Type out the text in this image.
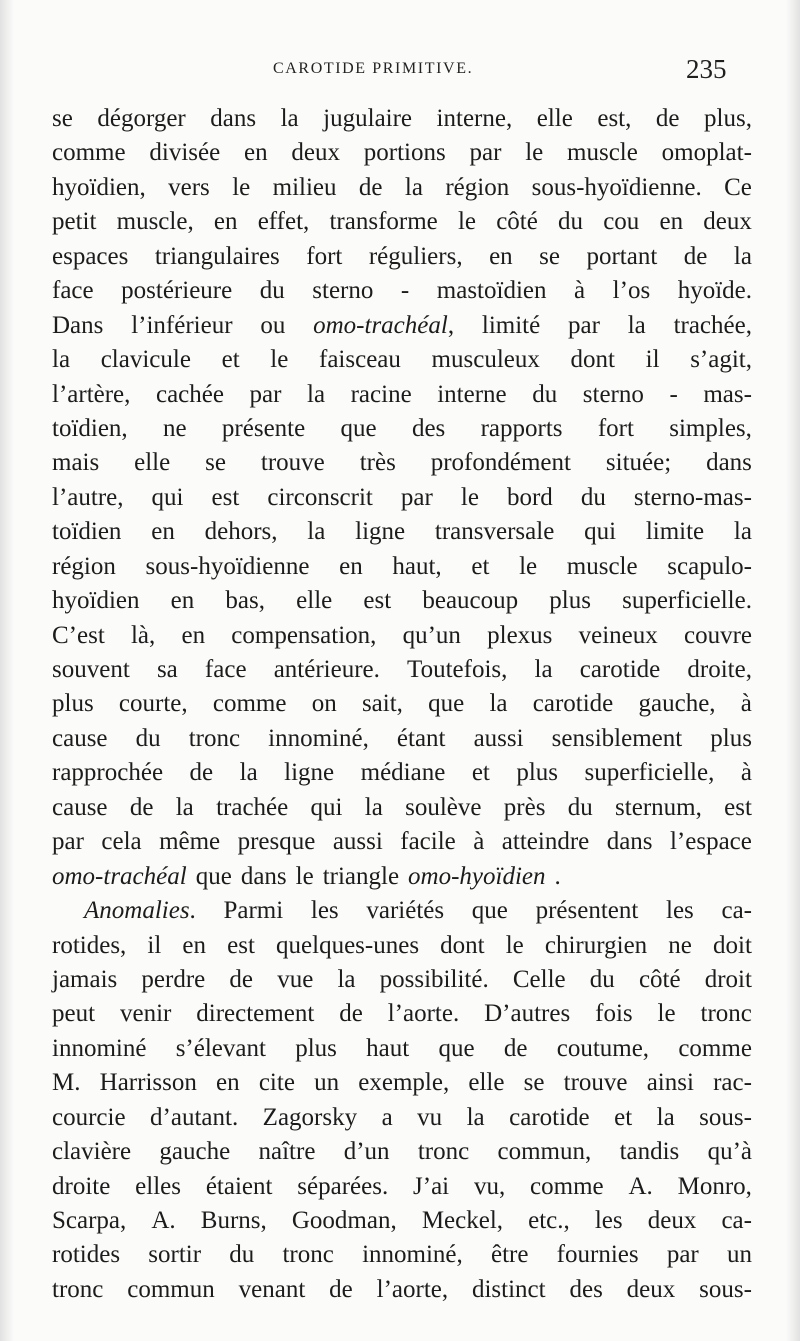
CAROTIDE PRIMITIVE.	235
se dégorger dans la jugulaire interne, elle est, de plus,
comme divisée en deux portions par le muscle omoplat-
hyoïdien, vers le milieu de la région sous-hyoïdienne. Ce
petit muscle, en effet, transforme le côté du cou en deux
espaces triangulaires fort réguliers, en se portant de la
face postérieure du sterno - mastoïdien à l’os hyoïde.
Dans l’inférieur ou omo-trachéal, limité par la trachée,
la clavicule et le faisceau musculeux dont il s’agit,
l’artère, cachée par la racine interne du sterno - mas-
toïdien, ne présente que des rapports fort simples,
mais elle se trouve très profondément située; dans
l’autre, qui est circonscrit par le bord du sterno-mas-
toïdien en dehors, la ligne transversale qui limite la
région sous-hyoïdienne en haut, et le muscle scapulo-
hyoïdien en bas, elle est beaucoup plus superficielle.
C’est là, en compensation, qu’un plexus veineux couvre
souvent sa face antérieure. Toutefois, la carotide droite,
plus courte, comme on sait, que la carotide gauche, à
cause du tronc innominé, étant aussi sensiblement plus
rapprochée de la ligne médiane et plus superficielle, à
cause de la trachée qui la soulève près du sternum, est
par cela même presque aussi facile à atteindre dans l’espace
omo-trachéal que dans le triangle omo-hyoïdien .
Anomalies. Parmi les variétés que présentent les ca-
rotides, il en est quelques-unes dont le chirurgien ne doit
jamais perdre de vue la possibilité. Celle du côté droit
peut venir directement de l’aorte. D’autres fois le tronc
innominé s’élevant plus haut que de coutume, comme
M. Harrisson en cite un exemple, elle se trouve ainsi rac-
courcie d’autant. Zagorsky a vu la carotide et la sous-
clavière gauche naître d’un tronc commun, tandis qu’à
droite elles étaient séparées. J’ai vu, comme A. Monro,
Scarpa, A. Burns, Goodman, Meckel, etc., les deux ca-
rotides sortir du tronc innominé, être fournies par un
tronc commun venant de l’aorte, distinct des deux sous-
